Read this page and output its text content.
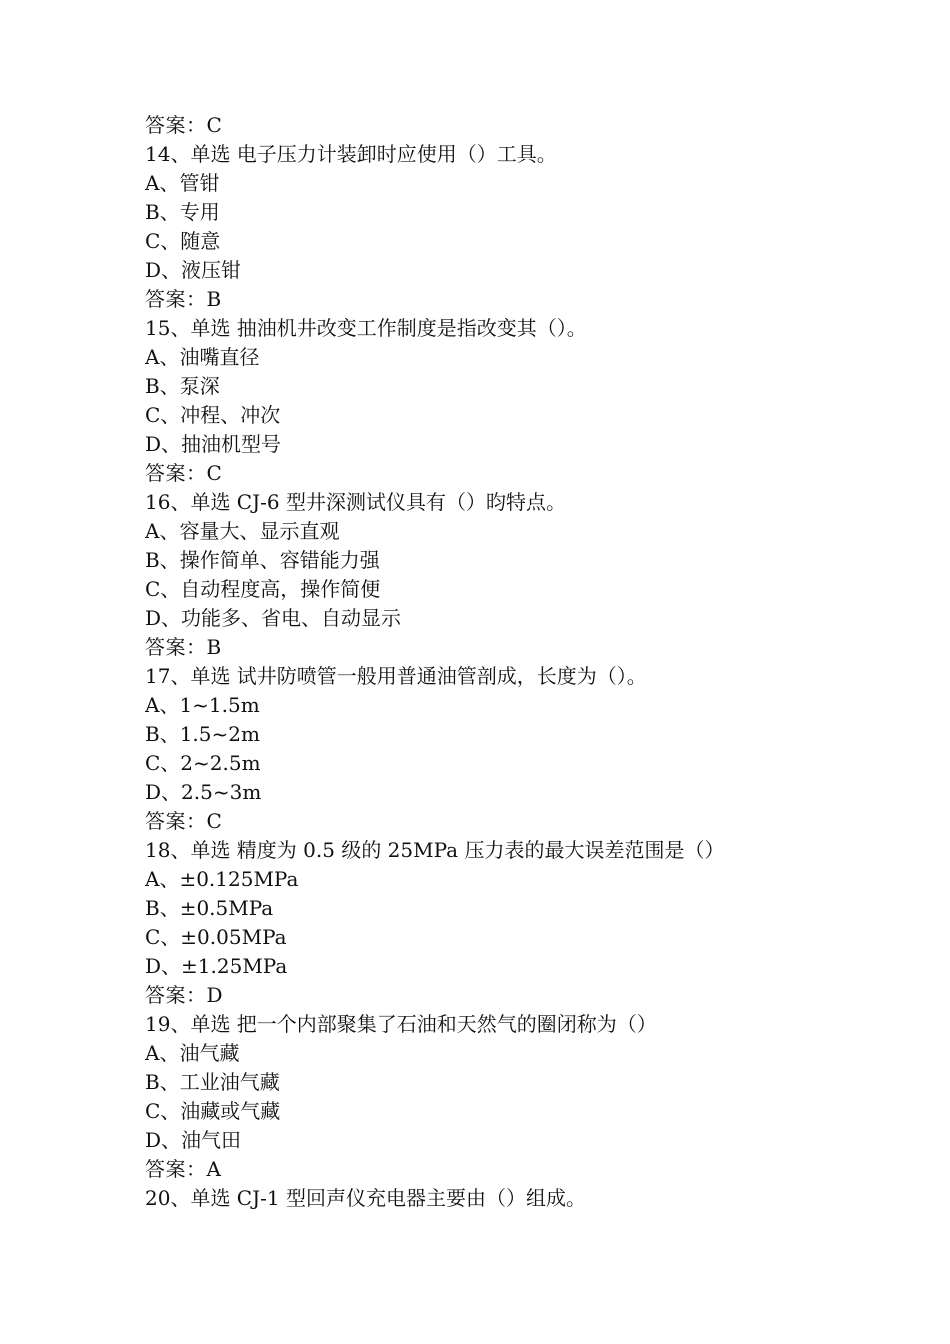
答案：C
14、单选 电子压力计装卸时应使用（）工具。
A、管钳
B、专用
C、随意
D、液压钳
答案：B
15、单选 抽油机井改变工作制度是指改变其（）。
A、油嘴直径
B、泵深
C、冲程、冲次
D、抽油机型号
答案：C
16、单选 CJ-6 型井深测试仪具有（）昀特点。
A、容量大、显示直观
B、操作简单、容错能力强
C、自动程度高，操作简便
D、功能多、省电、自动显示
答案：B
17、单选 试井防喷管一般用普通油管剖成，长度为（）。
A、1~1.5m
B、1.5~2m
C、2~2.5m
D、2.5~3m
答案：C
18、单选 精度为 0.5 级的 25MPa 压力表的最大误差范围是（）
A、±0.125MPa
B、±0.5MPa
C、±0.05MPa
D、±1.25MPa
答案：D
19、单选 把一个内部聚集了石油和天然气的圈闭称为（）
A、油气藏
B、工业油气藏
C、油藏或气藏
D、油气田
答案：A
20、单选 CJ-1 型回声仪充电器主要由（）组成。
